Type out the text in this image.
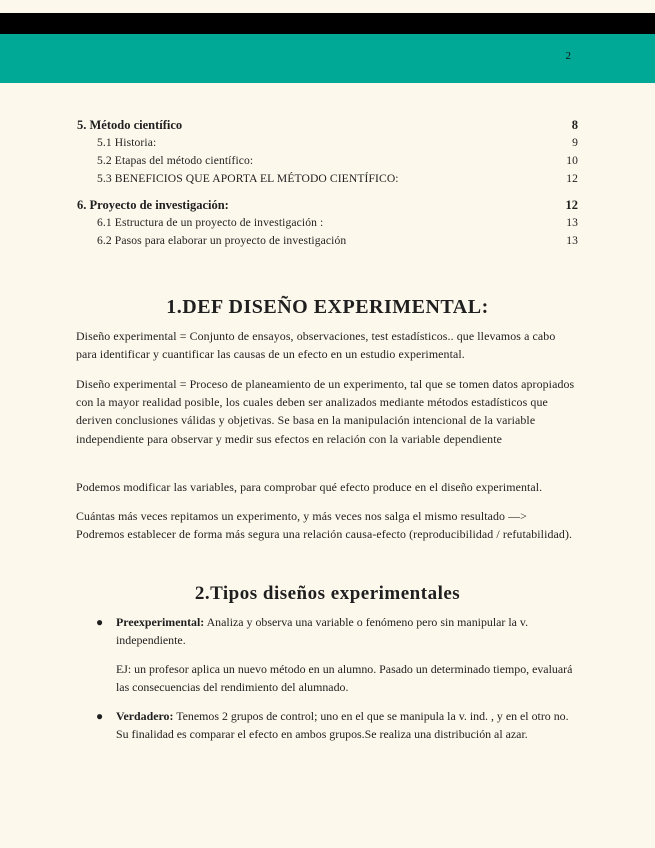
2
5. Método científico	8
5.1 Historia:	9
5.2 Etapas del método científico:	10
5.3 BENEFICIOS QUE APORTA EL MÉTODO CIENTÍFICO:	12
6. Proyecto de investigación:	12
6.1 Estructura de un proyecto de investigación :	13
6.2 Pasos para elaborar un proyecto de investigación	13
1.DEF DISEÑO EXPERIMENTAL:

Diseño experimental = Conjunto de ensayos, observaciones, test estadísticos.. que llevamos a cabo para identificar y cuantificar las causas de un efecto en un estudio experimental.

Diseño experimental = Proceso de planeamiento de un experimento, tal que se tomen datos apropiados con la mayor realidad posible, los cuales deben ser analizados mediante métodos estadísticos que deriven conclusiones válidas y objetivas. Se basa en la manipulación intencional de la variable independiente para observar y medir sus efectos en relación con la variable dependiente

Podemos modificar las variables, para comprobar qué efecto produce en el diseño experimental.

Cuántas más veces repitamos un experimento, y más veces nos salga el mismo resultado —> Podremos establecer de forma más segura una relación causa-efecto (reproducibilidad / refutabilidad).

2.Tipos diseños experimentales
● Preexperimental: Analiza y observa una variable o fenómeno pero sin manipular la v. independiente.

EJ: un profesor aplica un nuevo método en un alumno. Pasado un determinado tiempo, evaluará las consecuencias del rendimiento del alumnado.

● Verdadero: Tenemos 2 grupos de control; uno en el que se manipula la v. ind. , y en el otro no. Su finalidad es comparar el efecto en ambos grupos.Se realiza una distribución al azar.
